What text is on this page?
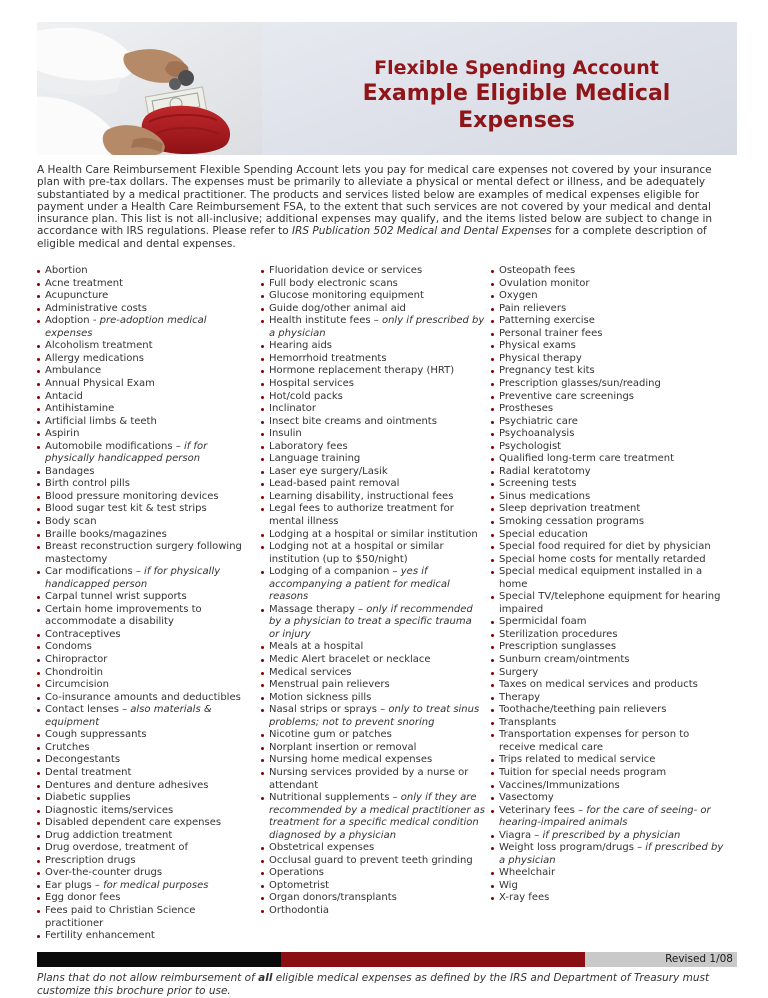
Flexible Spending Account
Example Eligible Medical
Expenses

A Health Care Reimbursement Flexible Spending Account lets you pay for medical care expenses not covered by your insurance plan with pre-tax dollars. The expenses must be primarily to alleviate a physical or mental defect or illness, and be adequately substantiated by a medical practitioner. The products and services listed below are examples of medical expenses eligible for payment under a Health Care Reimbursement FSA, to the extent that such services are not covered by your medical and dental insurance plan. This list is not all-inclusive; additional expenses may qualify, and the items listed below are subject to change in accordance with IRS regulations. Please refer to IRS Publication 502 Medical and Dental Expenses for a complete description of eligible medical and dental expenses.

Abortion
Acne treatment
Acupuncture
Administrative costs
Adoption - pre-adoption medical expenses
Alcoholism treatment
Allergy medications
Ambulance
Annual Physical Exam
Antacid
Antihistamine
Artificial limbs & teeth
Aspirin
Automobile modifications – if for physically handicapped person
Bandages
Birth control pills
Blood pressure monitoring devices
Blood sugar test kit & test strips
Body scan
Braille books/magazines
Breast reconstruction surgery following mastectomy
Car modifications – if for physically handicapped person
Carpal tunnel wrist supports
Certain home improvements to accommodate a disability
Contraceptives
Condoms
Chiropractor
Chondroitin
Circumcision
Co-insurance amounts and deductibles
Contact lenses – also materials & equipment
Cough suppressants
Crutches
Decongestants
Dental treatment
Dentures and denture adhesives
Diabetic supplies
Diagnostic items/services
Disabled dependent care expenses
Drug addiction treatment
Drug overdose, treatment of
Prescription drugs
Over-the-counter drugs
Ear plugs – for medical purposes
Egg donor fees
Fees paid to Christian Science practitioner
Fertility enhancement
Fluoridation device or services
Full body electronic scans
Glucose monitoring equipment
Guide dog/other animal aid
Health institute fees – only if prescribed by a physician
Hearing aids
Hemorrhoid treatments
Hormone replacement therapy (HRT)
Hospital services
Hot/cold packs
Inclinator
Insect bite creams and ointments
Insulin
Laboratory fees
Language training
Laser eye surgery/Lasik
Lead-based paint removal
Learning disability, instructional fees
Legal fees to authorize treatment for mental illness
Lodging at a hospital or similar institution
Lodging not at a hospital or similar institution (up to $50/night)
Lodging of a companion – yes if accompanying a patient for medical reasons
Massage therapy – only if recommended by a physician to treat a specific trauma or injury
Meals at a hospital
Medic Alert bracelet or necklace
Medical services
Menstrual pain relievers
Motion sickness pills
Nasal strips or sprays – only to treat sinus problems; not to prevent snoring
Nicotine gum or patches
Norplant insertion or removal
Nursing home medical expenses
Nursing services provided by a nurse or attendant
Nutritional supplements – only if they are recommended by a medical practitioner as treatment for a specific medical condition diagnosed by a physician
Obstetrical expenses
Occlusal guard to prevent teeth grinding
Operations
Optometrist
Organ donors/transplants
Orthodontia
Osteopath fees
Ovulation monitor
Oxygen
Pain relievers
Patterning exercise
Personal trainer fees
Physical exams
Physical therapy
Pregnancy test kits
Prescription glasses/sun/reading
Preventive care screenings
Prostheses
Psychiatric care
Psychoanalysis
Psychologist
Qualified long-term care treatment
Radial keratotomy
Screening tests
Sinus medications
Sleep deprivation treatment
Smoking cessation programs
Special education
Special food required for diet by physician
Special home costs for mentally retarded
Special medical equipment installed in a home
Special TV/telephone equipment for hearing impaired
Spermicidal foam
Sterilization procedures
Prescription sunglasses
Sunburn cream/ointments
Surgery
Taxes on medical services and products
Therapy
Toothache/teething pain relievers
Transplants
Transportation expenses for person to receive medical care
Trips related to medical service
Tuition for special needs program
Vaccines/Immunizations
Vasectomy
Veterinary fees – for the care of seeing- or hearing-impaired animals
Viagra – if prescribed by a physician
Weight loss program/drugs – if prescribed by a physician
Wheelchair
Wig
X-ray fees
Revised 1/08

Plans that do not allow reimbursement of all eligible medical expenses as defined by the IRS and Department of Treasury must customize this brochure prior to use.
